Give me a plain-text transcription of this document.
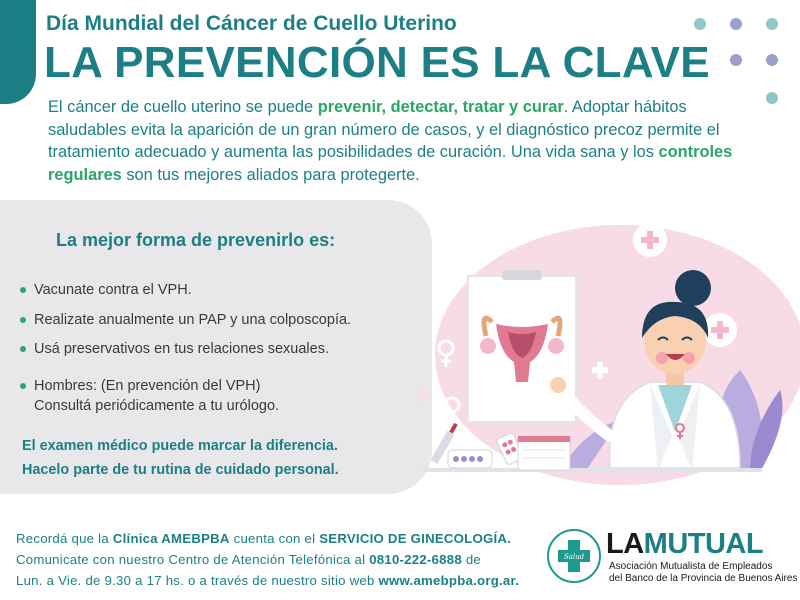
Día Mundial del Cáncer de Cuello Uterino
LA PREVENCIÓN ES LA CLAVE
El cáncer de cuello uterino se puede prevenir, detectar, tratar y curar. Adoptar hábitos saludables evita la aparición de un gran número de casos, y el diagnóstico precoz permite el tratamiento adecuado y aumenta las posibilidades de curación. Una vida sana y los controles regulares son tus mejores aliados para protegerte.
La mejor forma de prevenirlo es:
Vacunate contra el VPH.
Realizate anualmente un PAP y una colposcopía.
Usá preservativos en tus relaciones sexuales.
Hombres: (En prevención del VPH)
Consultá periódicamente a tu urólogo.
El examen médico puede marcar la diferencia.
Hacelo parte de tu rutina de cuidado personal.
Recordá que la Clínica AMEBPBA cuenta con el SERVICIO DE GINECOLOGÍA.
Comunicate con nuestro Centro de Atención Telefónica al 0810-222-6888 de
Lun. a Vie. de 9.30 a 17 hs. o a través de nuestro sitio web www.amebpba.org.ar.
Salud LAMUTUAL
Asociación Mutualista de Empleados
del Banco de la Provincia de Buenos Aires
